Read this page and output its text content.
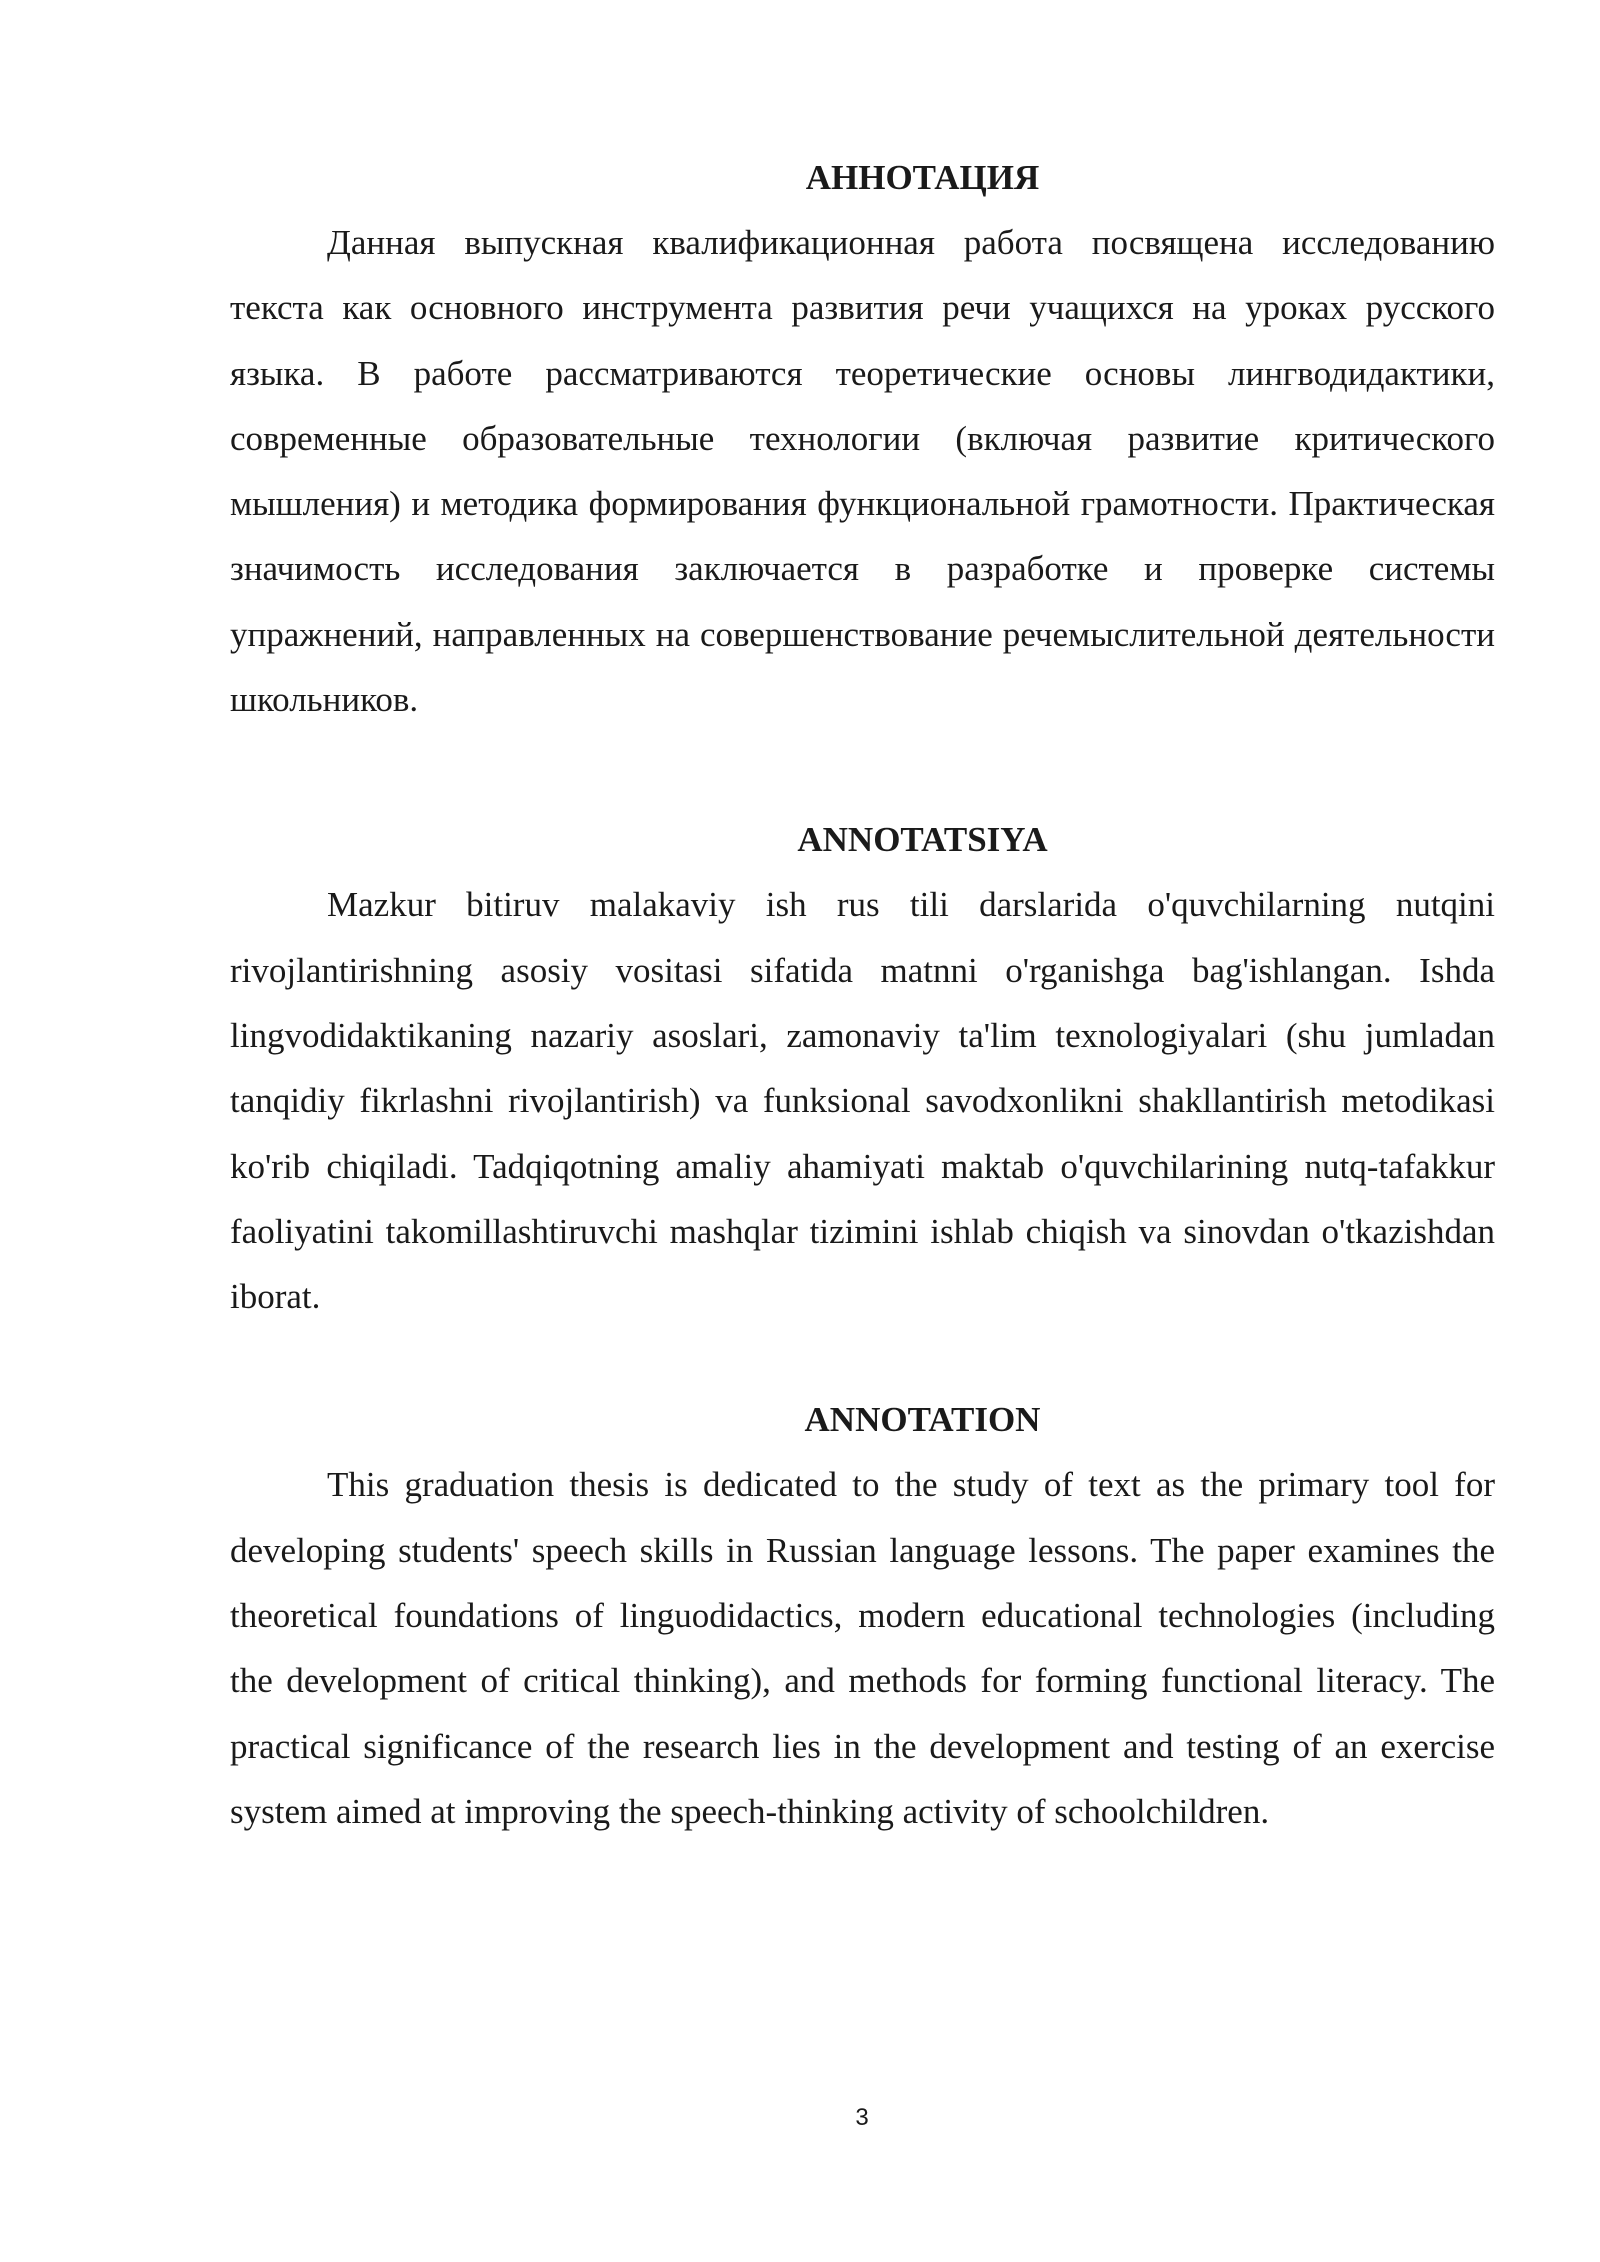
АННОТАЦИЯ

Данная выпускная квалификационная работа посвящена исследованию текста как основного инструмента развития речи учащихся на уроках русского языка. В работе рассматриваются теоретические основы лингводидактики, современные образовательные технологии (включая развитие критического мышления) и методика формирования функциональной грамотности. Практическая значимость исследования заключается в разработке и проверке системы упражнений, направленных на совершенствование речемыслительной деятельности школьников.

ANNOTATSIYA

Mazkur bitiruv malakaviy ish rus tili darslarida o'quvchilarning nutqini rivojlantirishning asosiy vositasi sifatida matnni o'rganishga bag'ishlangan. Ishda lingvodidaktikaning nazariy asoslari, zamonaviy ta'lim texnologiyalari (shu jumladan tanqidiy fikrlashni rivojlantirish) va funksional savodxonlikni shakllantirish metodikasi ko'rib chiqiladi. Tadqiqotning amaliy ahamiyati maktab o'quvchilarining nutq-tafakkur faoliyatini takomillashtiruvchi mashqlar tizimini ishlab chiqish va sinovdan o'tkazishdan iborat.

ANNOTATION

This graduation thesis is dedicated to the study of text as the primary tool for developing students' speech skills in Russian language lessons. The paper examines the theoretical foundations of linguodidactics, modern educational technologies (including the development of critical thinking), and methods for forming functional literacy. The practical significance of the research lies in the development and testing of an exercise system aimed at improving the speech-thinking activity of schoolchildren.

3
